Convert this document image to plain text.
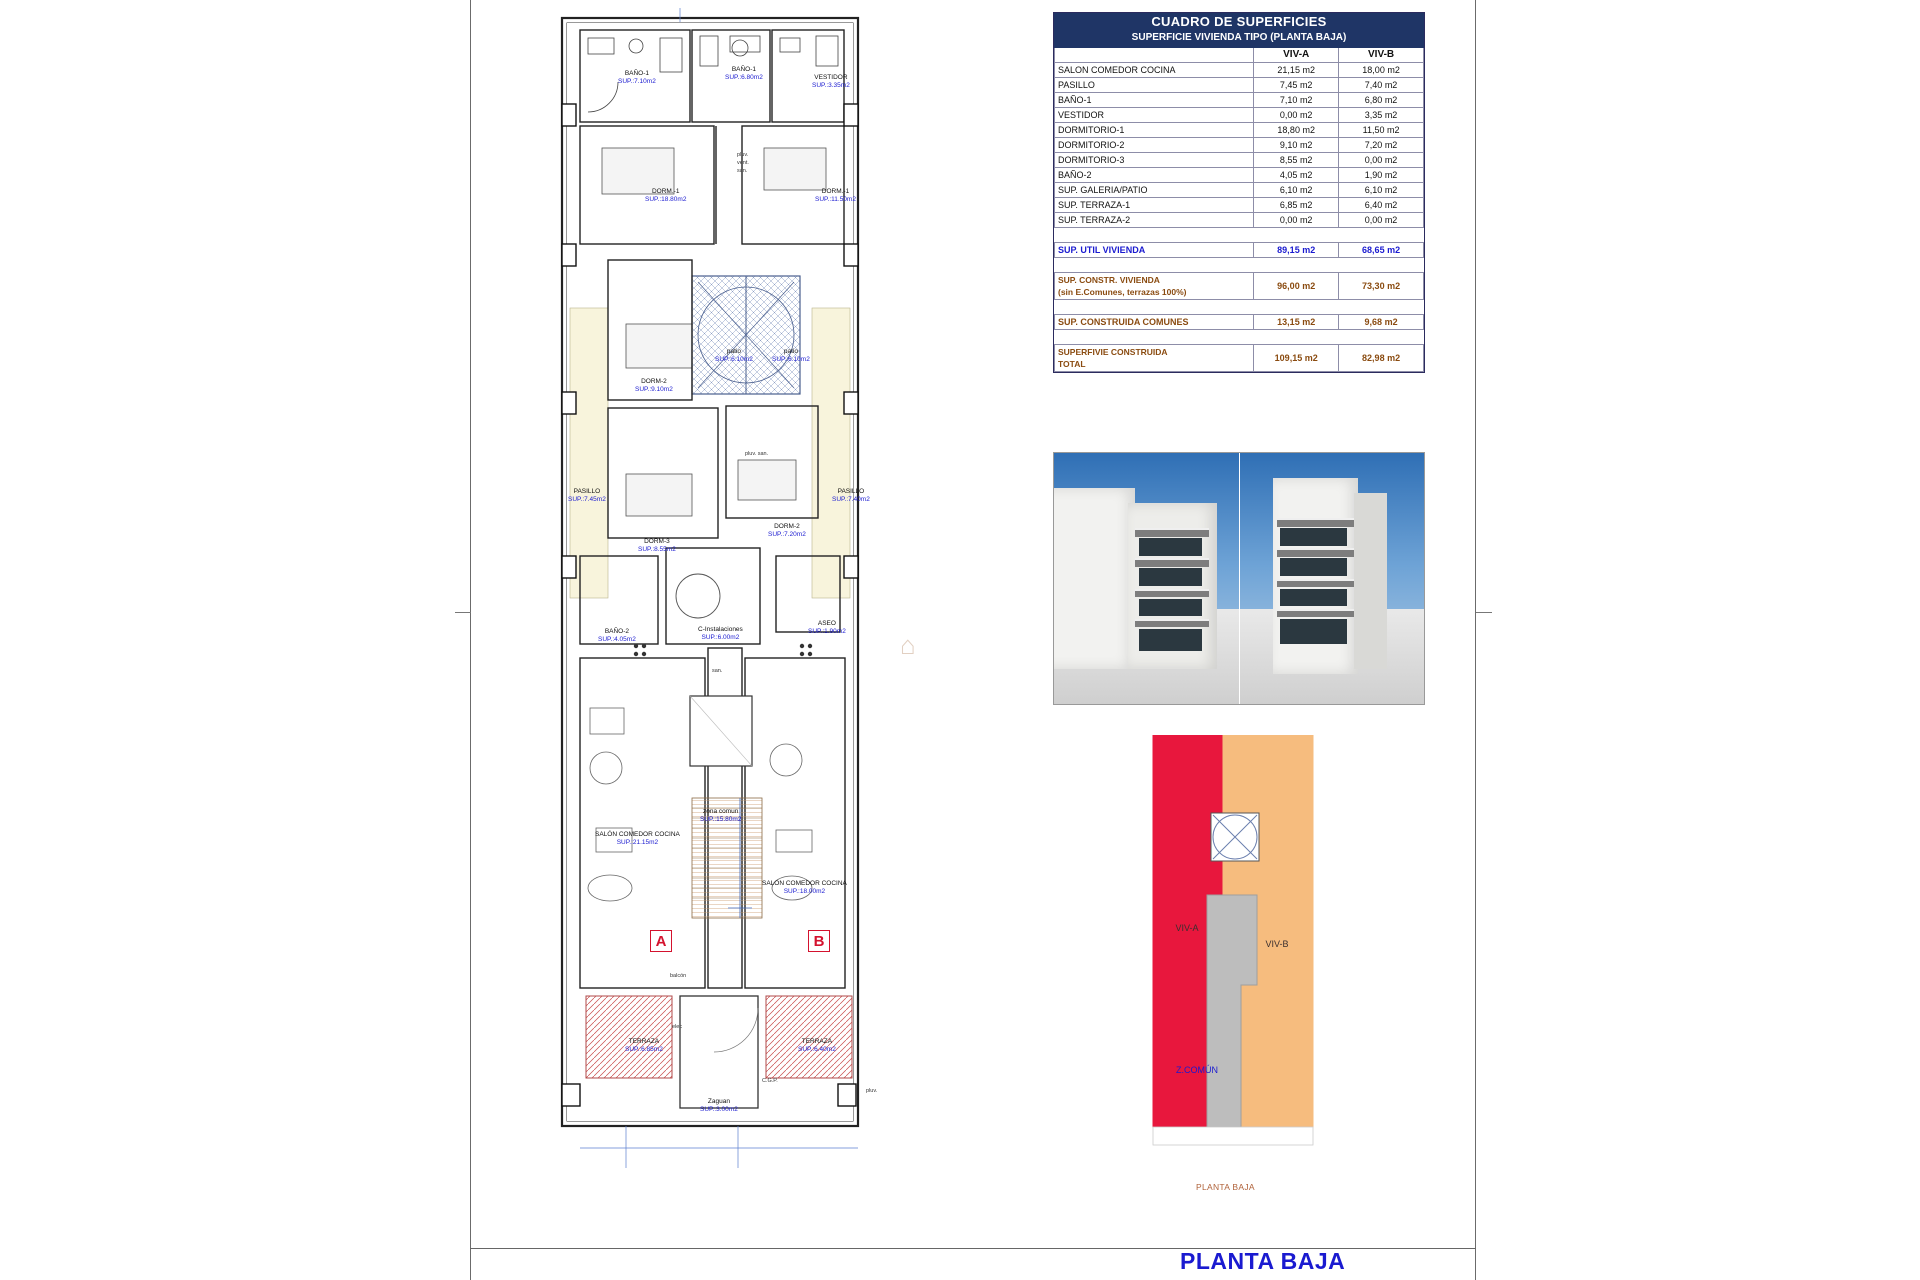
BAÑO-1
SUP.:7.10m2
BAÑO-1
SUP.:6.80m2	VESTIDOR
SUP.:3.35m2
DORM.-1
SUP.:18.80m2
DORM.-1
SUP.:11.50m2
patio
SUP.:6.10m2
patio
SUP.:6.10m2
DORM-2
SUP.:9.10m2
PASILLO
SUP.:7.45m2
PASILLO
SUP.:7.40m2
DORM-3
SUP.:8.55m2
DORM-2
SUP.:7.20m2
BAÑO-2
SUP.:4.05m2
C-Instalaciones
SUP.:6.00m2
ASEO
SUP.:1.90m2
zona comun
SUP.:15.80m2
SALÓN COMEDOR COCINA
SUP.:21.15m2
SALON COMEDOR COCINA
SUP.:18.00m2
TERRAZA
SUP.:6.85m2
TERRAZA
SUP.:6.40m2
Zaguan
SUP.:3.00m2
balcón
elec
C.G.P.
pluv.
pluv.
vent.
san.
pluv. san.
san.
A	B
⌂
CUADRO DE SUPERFICIES		
SUPERFICIE VIVIENDA TIPO (PLANTA BAJA)		
	VIV-A	VIV-B
SALON COMEDOR COCINA	21,15 m2	18,00 m2
PASILLO	7,45 m2	7,40 m2
BAÑO-1	7,10 m2	6,80 m2
VESTIDOR	0,00 m2	3,35 m2
DORMITORIO-1	18,80 m2	11,50 m2
DORMITORIO-2	9,10 m2	7,20 m2
DORMITORIO-3	8,55 m2	0,00 m2
BAÑO-2	4,05 m2	1,90 m2
SUP. GALERIA/PATIO	6,10 m2	6,10 m2
SUP. TERRAZA-1	6,85 m2	6,40 m2
SUP. TERRAZA-2	0,00 m2	0,00 m2

SUP. UTIL VIVIENDA	89,15 m2	68,65 m2

SUP. CONSTR. VIVIENDA
(sin E.Comunes, terrazas 100%)	96,00 m2	73,30 m2

SUP. CONSTRUIDA COMUNES	13,15 m2	9,68 m2

SUPERFIVIE CONSTRUIDA
TOTAL	109,15 m2	82,98 m2
VIV-A
VIV-B
Z.COMÚN
PLANTA BAJA
PLANTA BAJA
